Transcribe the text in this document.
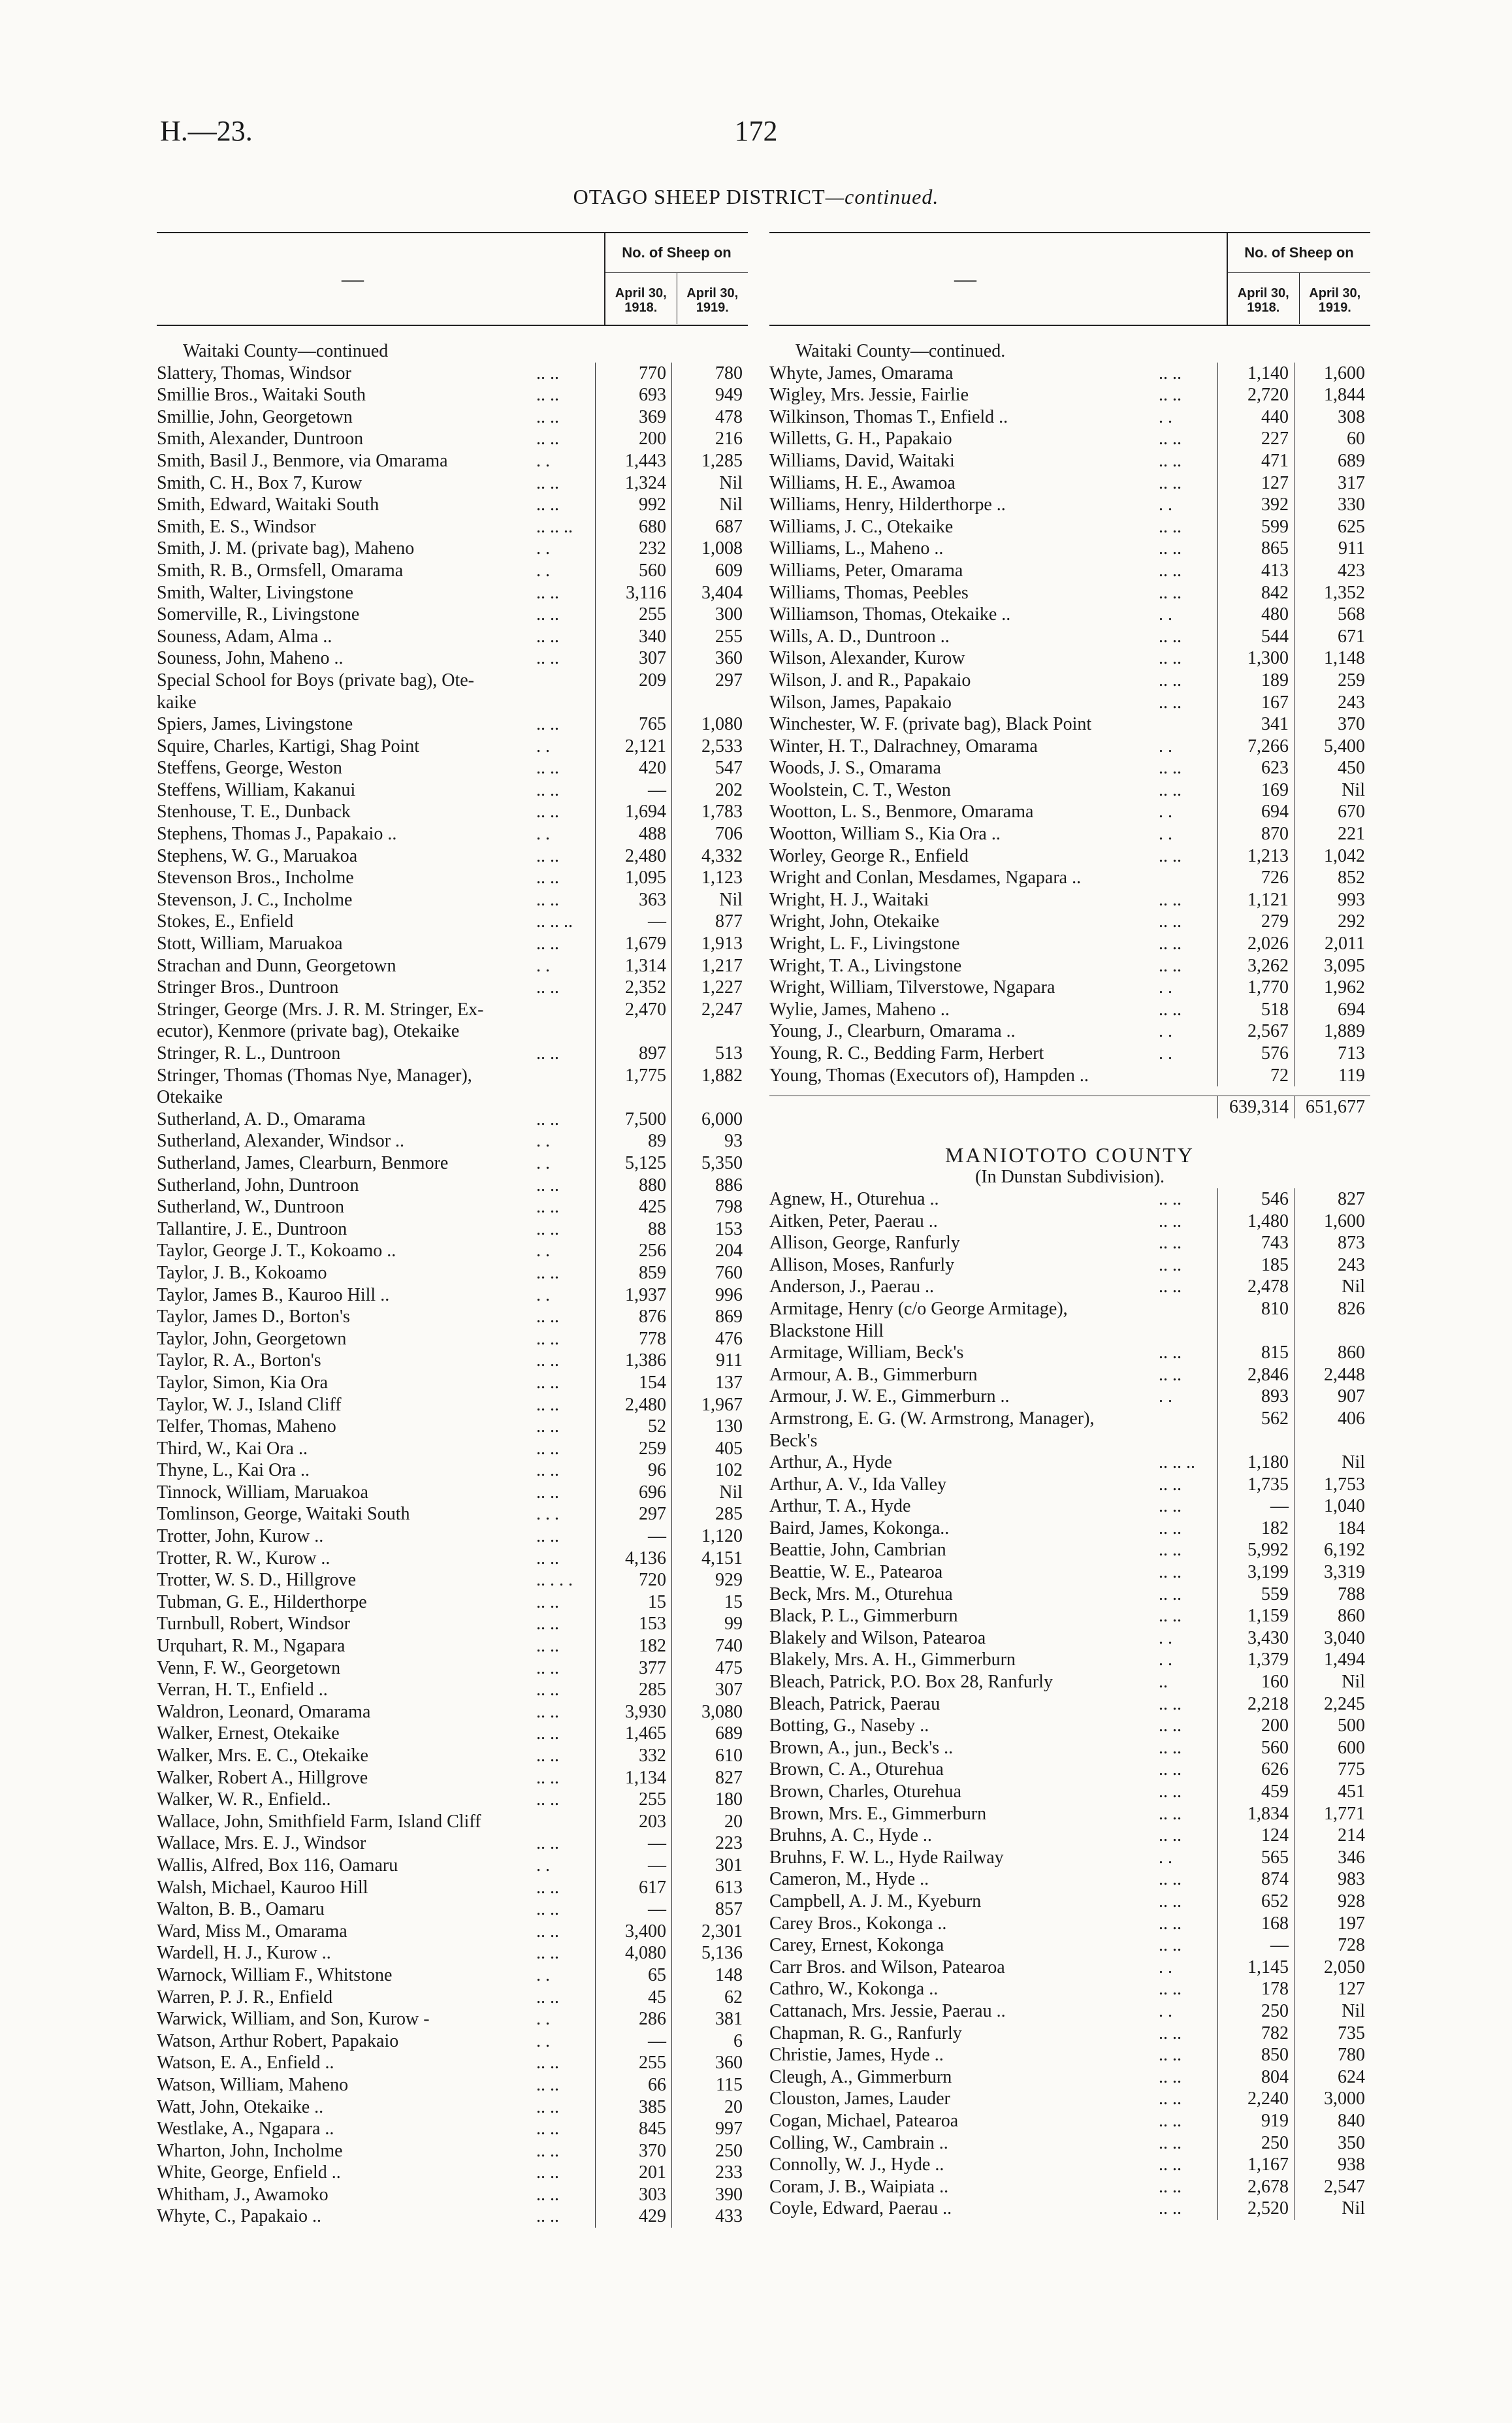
H.—23.	172
OTAGO SHEEP DISTRICT—continued.
—
No. of Sheep on
April 30, 1918.
April 30, 1919.
Waitaki County—continued
Slattery, Thomas, Windsor	.. ..	770	780
Smillie Bros., Waitaki South	.. ..	693	949
Smillie, John, Georgetown	.. ..	369	478
Smith, Alexander, Duntroon	.. ..	200	216
Smith, Basil J., Benmore, via Omarama	. .	1,443	1,285
Smith, C. H., Box 7, Kurow	.. ..	1,324	Nil
Smith, Edward, Waitaki South	.. ..	992	Nil
Smith, E. S., Windsor	.. .. ..	680	687
Smith, J. M. (private bag), Maheno	. .	232	1,008
Smith, R. B., Ormsfell, Omarama	. .	560	609
Smith, Walter, Livingstone	.. ..	3,116	3,404
Somerville, R., Livingstone	.. ..	255	300
Souness, Adam, Alma ..	.. ..	340	255
Souness, John, Maheno ..	.. ..	307	360
Special School for Boys (private bag), Ote-	209	297
kaike
Spiers, James, Livingstone	.. ..	765	1,080
Squire, Charles, Kartigi, Shag Point	. .	2,121	2,533
Steffens, George, Weston	.. ..	420	547
Steffens, William, Kakanui	.. ..	—	202
Stenhouse, T. E., Dunback	.. ..	1,694	1,783
Stephens, Thomas J., Papakaio ..	. .	488	706
Stephens, W. G., Maruakoa	.. ..	2,480	4,332
Stevenson Bros., Incholme	.. ..	1,095	1,123
Stevenson, J. C., Incholme	.. ..	363	Nil
Stokes, E., Enfield	.. .. ..	—	877
Stott, William, Maruakoa	.. ..	1,679	1,913
Strachan and Dunn, Georgetown	. .	1,314	1,217
Stringer Bros., Duntroon	.. ..	2,352	1,227
Stringer, George (Mrs. J. R. M. Stringer, Ex-	2,470	2,247
ecutor), Kenmore (private bag), Otekaike
Stringer, R. L., Duntroon	.. ..	897	513
Stringer, Thomas (Thomas Nye, Manager),	1,775	1,882
Otekaike
Sutherland, A. D., Omarama	.. ..	7,500	6,000
Sutherland, Alexander, Windsor ..	. .	89	93
Sutherland, James, Clearburn, Benmore	. .	5,125	5,350
Sutherland, John, Duntroon	.. ..	880	886
Sutherland, W., Duntroon	.. ..	425	798
Tallantire, J. E., Duntroon	.. ..	88	153
Taylor, George J. T., Kokoamo ..	. .	256	204
Taylor, J. B., Kokoamo	.. ..	859	760
Taylor, James B., Kauroo Hill ..	. .	1,937	996
Taylor, James D., Borton's	.. ..	876	869
Taylor, John, Georgetown	.. ..	778	476
Taylor, R. A., Borton's	.. ..	1,386	911
Taylor, Simon, Kia Ora	.. ..	154	137
Taylor, W. J., Island Cliff	.. ..	2,480	1,967
Telfer, Thomas, Maheno	.. ..	52	130
Third, W., Kai Ora ..	.. ..	259	405
Thyne, L., Kai Ora ..	.. ..	96	102
Tinnock, William, Maruakoa	.. ..	696	Nil
Tomlinson, George, Waitaki South	. . .	297	285
Trotter, John, Kurow ..	.. ..	—	1,120
Trotter, R. W., Kurow ..	.. ..	4,136	4,151
Trotter, W. S. D., Hillgrove	.. . . .	720	929
Tubman, G. E., Hilderthorpe	.. ..	15	15
Turnbull, Robert, Windsor	.. ..	153	99
Urquhart, R. M., Ngapara	.. ..	182	740
Venn, F. W., Georgetown	.. ..	377	475
Verran, H. T., Enfield ..	.. ..	285	307
Waldron, Leonard, Omarama	.. ..	3,930	3,080
Walker, Ernest, Otekaike	.. ..	1,465	689
Walker, Mrs. E. C., Otekaike	.. ..	332	610
Walker, Robert A., Hillgrove	.. ..	1,134	827
Walker, W. R., Enfield..	.. ..	255	180
Wallace, John, Smithfield Farm, Island Cliff	203	20
Wallace, Mrs. E. J., Windsor	.. ..	—	223
Wallis, Alfred, Box 116, Oamaru	. .	—	301
Walsh, Michael, Kauroo Hill	.. ..	617	613
Walton, B. B., Oamaru	.. ..	—	857
Ward, Miss M., Omarama	.. ..	3,400	2,301
Wardell, H. J., Kurow ..	.. ..	4,080	5,136
Warnock, William F., Whitstone	. .	65	148
Warren, P. J. R., Enfield	.. ..	45	62
Warwick, William, and Son, Kurow -	. .	286	381
Watson, Arthur Robert, Papakaio	. .	—	6
Watson, E. A., Enfield ..	.. ..	255	360
Watson, William, Maheno	.. ..	66	115
Watt, John, Otekaike ..	.. ..	385	20
Westlake, A., Ngapara ..	.. ..	845	997
Wharton, John, Incholme	.. ..	370	250
White, George, Enfield ..	.. ..	201	233
Whitham, J., Awamoko	.. ..	303	390
Whyte, C., Papakaio ..	.. ..	429	433
—
No. of Sheep on
April 30, 1918.
April 30, 1919.
Waitaki County—continued.
Whyte, James, Omarama	.. ..	1,140	1,600
Wigley, Mrs. Jessie, Fairlie	.. ..	2,720	1,844
Wilkinson, Thomas T., Enfield ..	. .	440	308
Willetts, G. H., Papakaio	.. ..	227	60
Williams, David, Waitaki	.. ..	471	689
Williams, H. E., Awamoa	.. ..	127	317
Williams, Henry, Hilderthorpe ..	. .	392	330
Williams, J. C., Otekaike	.. ..	599	625
Williams, L., Maheno ..	.. ..	865	911
Williams, Peter, Omarama	.. ..	413	423
Williams, Thomas, Peebles	.. ..	842	1,352
Williamson, Thomas, Otekaike ..	. .	480	568
Wills, A. D., Duntroon ..	.. ..	544	671
Wilson, Alexander, Kurow	.. ..	1,300	1,148
Wilson, J. and R., Papakaio	.. ..	189	259
Wilson, James, Papakaio	.. ..	167	243
Winchester, W. F. (private bag), Black Point	341	370
Winter, H. T., Dalrachney, Omarama	. .	7,266	5,400
Woods, J. S., Omarama	.. ..	623	450
Woolstein, C. T., Weston	.. ..	169	Nil
Wootton, L. S., Benmore, Omarama	. .	694	670
Wootton, William S., Kia Ora ..	. .	870	221
Worley, George R., Enfield	.. ..	1,213	1,042
Wright and Conlan, Mesdames, Ngapara ..	726	852
Wright, H. J., Waitaki	.. ..	1,121	993
Wright, John, Otekaike	.. ..	279	292
Wright, L. F., Livingstone	.. ..	2,026	2,011
Wright, T. A., Livingstone	.. ..	3,262	3,095
Wright, William, Tilverstowe, Ngapara	. .	1,770	1,962
Wylie, James, Maheno ..	.. ..	518	694
Young, J., Clearburn, Omarama ..	. .	2,567	1,889
Young, R. C., Bedding Farm, Herbert	. .	576	713
Young, Thomas (Executors of), Hampden ..	72	119
639,314 651,677
MANIOTOTO COUNTY
(In Dunstan Subdivision).
Agnew, H., Oturehua ..	.. ..	546	827
Aitken, Peter, Paerau ..	.. ..	1,480	1,600
Allison, George, Ranfurly	.. ..	743	873
Allison, Moses, Ranfurly	.. ..	185	243
Anderson, J., Paerau ..	.. ..	2,478	Nil
Armitage, Henry (c/o George Armitage),	810	826
Blackstone Hill
Armitage, William, Beck's	.. ..	815	860
Armour, A. B., Gimmerburn	.. ..	2,846	2,448
Armour, J. W. E., Gimmerburn ..	. .	893	907
Armstrong, E. G. (W. Armstrong, Manager),	562	406
Beck's
Arthur, A., Hyde	.. .. ..	1,180	Nil
Arthur, A. V., Ida Valley	.. ..	1,735	1,753
Arthur, T. A., Hyde	.. ..	—	1,040
Baird, James, Kokonga..	.. ..	182	184
Beattie, John, Cambrian	.. ..	5,992	6,192
Beattie, W. E., Patearoa	.. ..	3,199	3,319
Beck, Mrs. M., Oturehua	.. ..	559	788
Black, P. L., Gimmerburn	.. ..	1,159	860
Blakely and Wilson, Patearoa	. .	3,430	3,040
Blakely, Mrs. A. H., Gimmerburn	. .	1,379	1,494
Bleach, Patrick, P.O. Box 28, Ranfurly	..	160	Nil
Bleach, Patrick, Paerau	.. ..	2,218	2,245
Botting, G., Naseby ..	.. ..	200	500
Brown, A., jun., Beck's ..	.. ..	560	600
Brown, C. A., Oturehua	.. ..	626	775
Brown, Charles, Oturehua	.. ..	459	451
Brown, Mrs. E., Gimmerburn	.. ..	1,834	1,771
Bruhns, A. C., Hyde ..	.. ..	124	214
Bruhns, F. W. L., Hyde Railway	. .	565	346
Cameron, M., Hyde ..	.. ..	874	983
Campbell, A. J. M., Kyeburn	.. ..	652	928
Carey Bros., Kokonga ..	.. ..	168	197
Carey, Ernest, Kokonga	.. ..	—	728
Carr Bros. and Wilson, Patearoa	. .	1,145	2,050
Cathro, W., Kokonga ..	.. ..	178	127
Cattanach, Mrs. Jessie, Paerau ..	. .	250	Nil
Chapman, R. G., Ranfurly	.. ..	782	735
Christie, James, Hyde ..	.. ..	850	780
Cleugh, A., Gimmerburn	.. ..	804	624
Clouston, James, Lauder	.. ..	2,240	3,000
Cogan, Michael, Patearoa	.. ..	919	840
Colling, W., Cambrain ..	.. ..	250	350
Connolly, W. J., Hyde ..	.. ..	1,167	938
Coram, J. B., Waipiata ..	.. ..	2,678	2,547
Coyle, Edward, Paerau ..	.. ..	2,520	Nil
